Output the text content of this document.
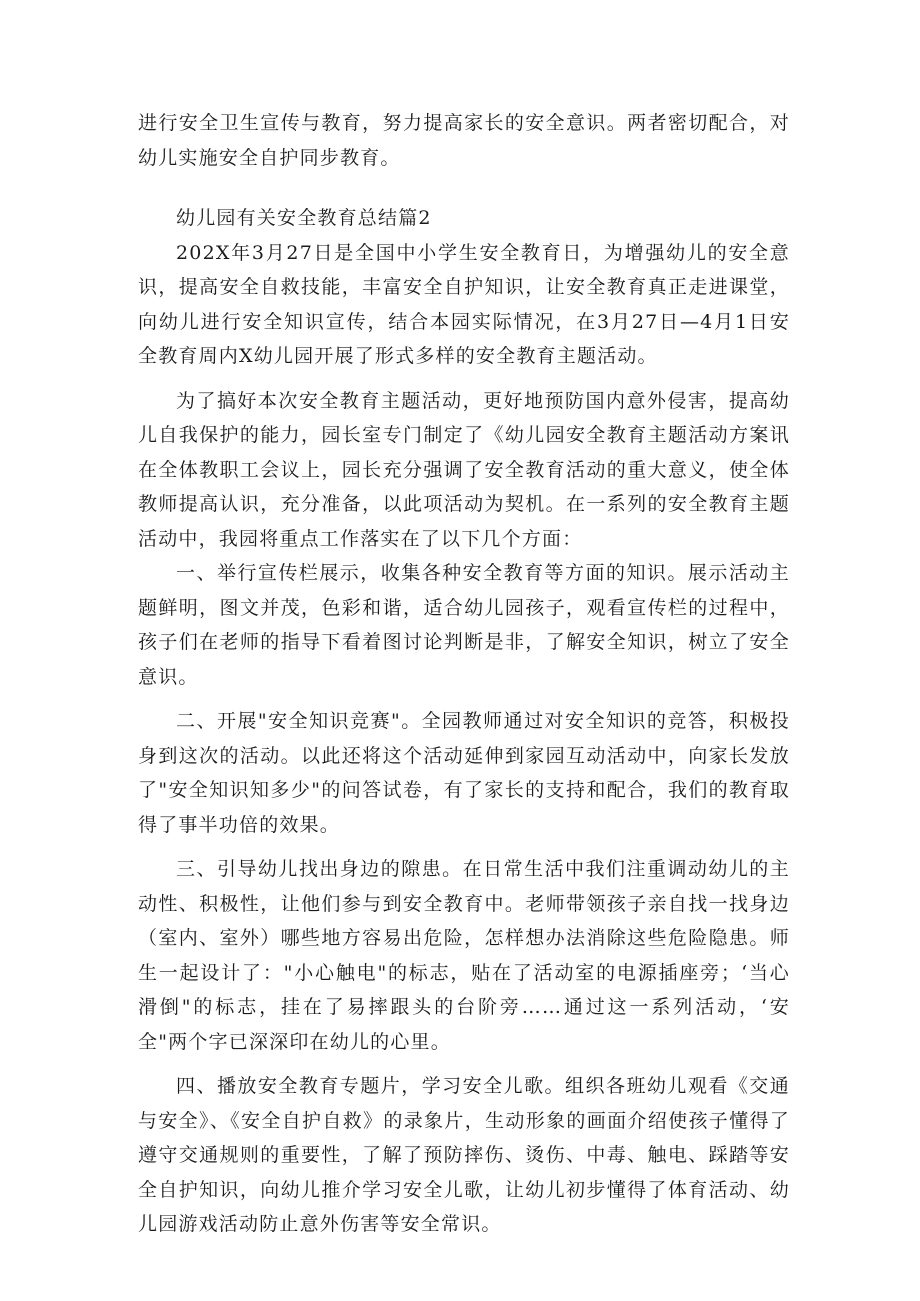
进行安全卫生宣传与教育，努力提高家长的安全意识。两者密切配合，对幼儿实施安全自护同步教育。

幼儿园有关安全教育总结篇2

202X年3月27日是全国中小学生安全教育日，为增强幼儿的安全意识，提高安全自救技能，丰富安全自护知识，让安全教育真正走进课堂，向幼儿进行安全知识宣传，结合本园实际情况，在3月27日—4月1日安全教育周内X幼儿园开展了形式多样的安全教育主题活动。

为了搞好本次安全教育主题活动，更好地预防国内意外侵害，提高幼儿自我保护的能力，园长室专门制定了《幼儿园安全教育主题活动方案讯在全体教职工会议上，园长充分强调了安全教育活动的重大意义，使全体教师提高认识，充分准备，以此项活动为契机。在一系列的安全教育主题活动中，我园将重点工作落实在了以下几个方面：

一、举行宣传栏展示，收集各种安全教育等方面的知识。展示活动主题鲜明，图文并茂，色彩和谐，适合幼儿园孩子，观看宣传栏的过程中，孩子们在老师的指导下看着图讨论判断是非，了解安全知识，树立了安全意识。

二、开展"安全知识竞赛"。全园教师通过对安全知识的竞答，积极投身到这次的活动。以此还将这个活动延伸到家园互动活动中，向家长发放了"安全知识知多少"的问答试卷，有了家长的支持和配合，我们的教育取得了事半功倍的效果。

三、引导幼儿找出身边的隙患。在日常生活中我们注重调动幼儿的主动性、积极性，让他们参与到安全教育中。老师带领孩子亲自找一找身边（室内、室外）哪些地方容易出危险，怎样想办法消除这些危险隐患。师生一起设计了："小心触电"的标志，贴在了活动室的电源插座旁；‘当心滑倒"的标志，挂在了易摔跟头的台阶旁……通过这一系列活动，‘安全"两个字已深深印在幼儿的心里。

四、播放安全教育专题片，学习安全儿歌。组织各班幼儿观看《交通与安全》、《安全自护自救》的录象片，生动形象的画面介绍使孩子懂得了遵守交通规则的重要性，了解了预防摔伤、烫伤、中毒、触电、踩踏等安全自护知识，向幼儿推介学习安全儿歌，让幼儿初步懂得了体育活动、幼儿园游戏活动防止意外伤害等安全常识。
